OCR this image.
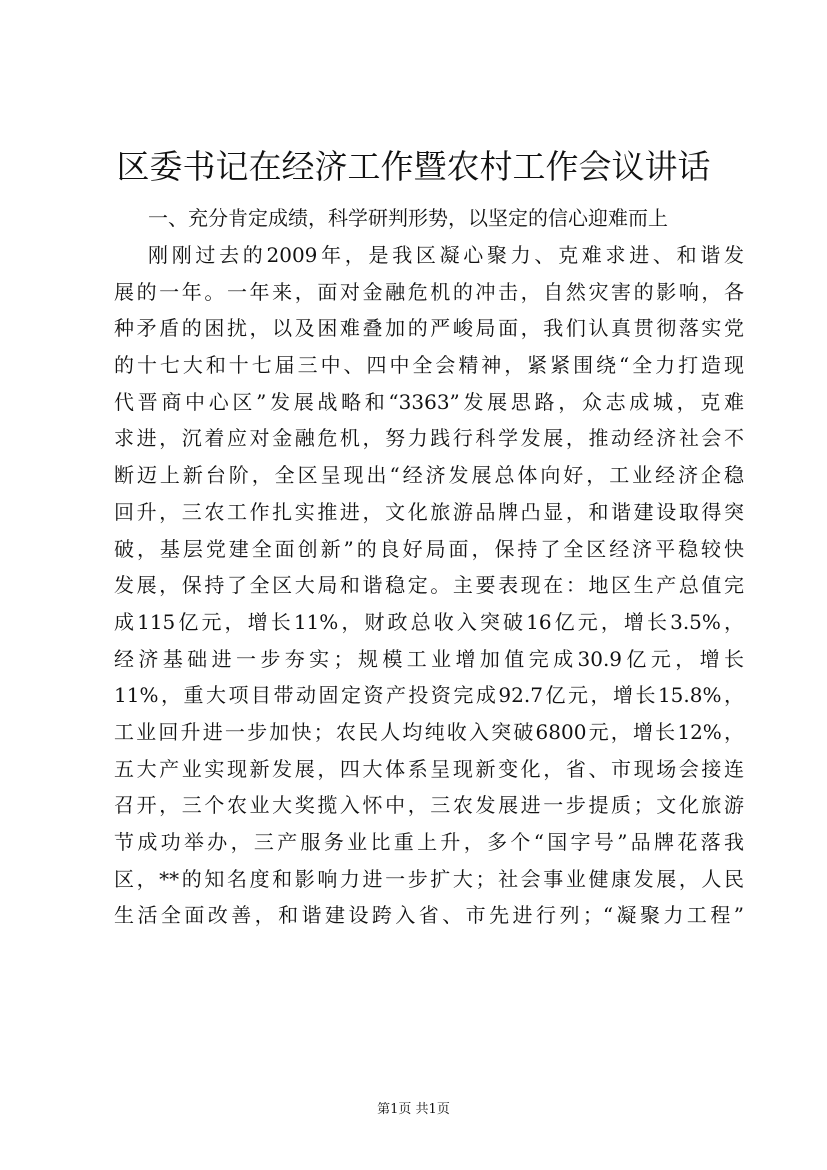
区委书记在经济工作暨农村工作会议讲话

一、充分肯定成绩，科学研判形势，以坚定的信心迎难而上

刚刚过去的2009年，是我区凝心聚力、克难求进、和谐发
展的一年。一年来，面对金融危机的冲击，自然灾害的影响，各
种矛盾的困扰，以及困难叠加的严峻局面，我们认真贯彻落实党
的十七大和十七届三中、四中全会精神，紧紧围绕“全力打造现
代晋商中心区”发展战略和“3363”发展思路，众志成城，克难
求进，沉着应对金融危机，努力践行科学发展，推动经济社会不
断迈上新台阶，全区呈现出“经济发展总体向好，工业经济企稳
回升，三农工作扎实推进，文化旅游品牌凸显，和谐建设取得突
破，基层党建全面创新”的良好局面，保持了全区经济平稳较快
发展，保持了全区大局和谐稳定。主要表现在：地区生产总值完
成115亿元，增长11%，财政总收入突破16亿元，增长3.5%，
经济基础进一步夯实；规模工业增加值完成30.9亿元，增长
11%，重大项目带动固定资产投资完成92.7亿元，增长15.8%，
工业回升进一步加快；农民人均纯收入突破6800元，增长12%，
五大产业实现新发展，四大体系呈现新变化，省、市现场会接连
召开，三个农业大奖揽入怀中，三农发展进一步提质；文化旅游
节成功举办，三产服务业比重上升，多个“国字号”品牌花落我
区，**的知名度和影响力进一步扩大；社会事业健康发展，人民
生活全面改善，和谐建设跨入省、市先进行列；“凝聚力工程”
第1页 共1页
